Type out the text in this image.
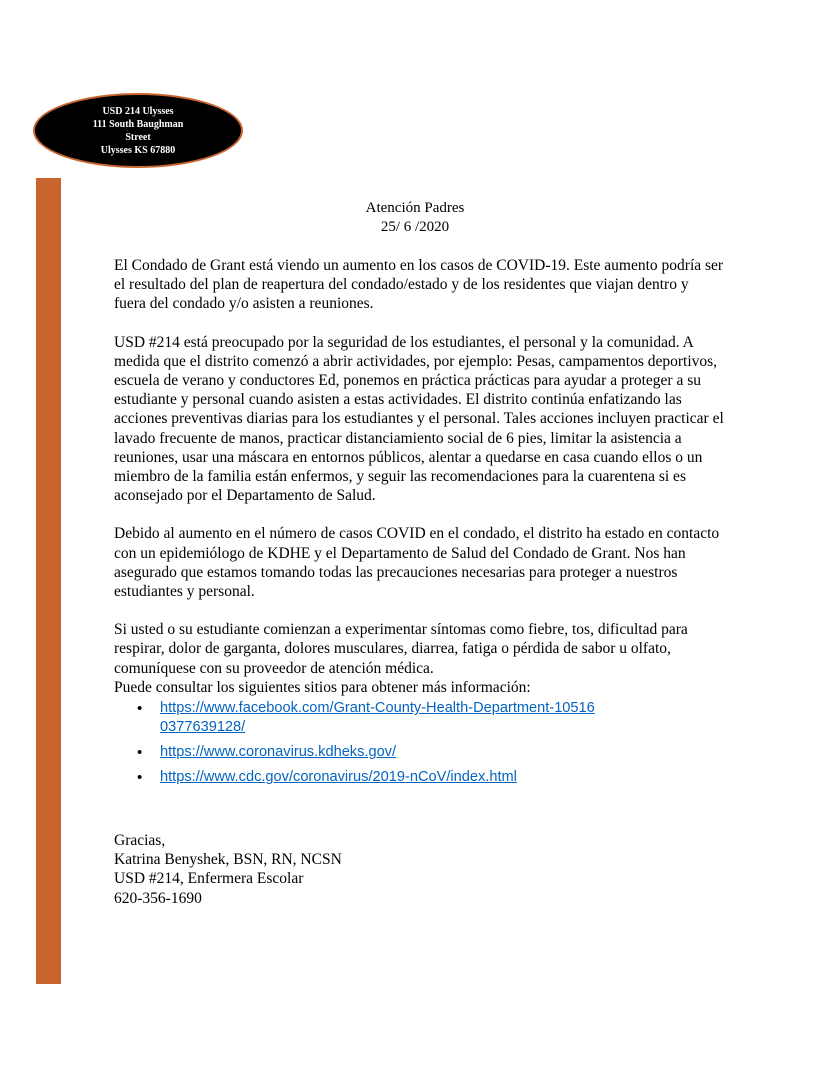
USD 214 Ulysses
111 South Baughman
Street
Ulysses KS 67880
Atención Padres
25/ 6 /2020

El Condado de Grant está viendo un aumento en los casos de COVID-19. Este aumento podría ser el resultado del plan de reapertura del condado/estado y de los residentes que viajan dentro y fuera del condado y/o asisten a reuniones.

USD #214 está preocupado por la seguridad de los estudiantes, el personal y la comunidad. A medida que el distrito comenzó a abrir actividades, por ejemplo: Pesas, campamentos deportivos, escuela de verano y conductores Ed, ponemos en práctica prácticas para ayudar a proteger a su estudiante y personal cuando asisten a estas actividades. El distrito continúa enfatizando las acciones preventivas diarias para los estudiantes y el personal. Tales acciones incluyen practicar el lavado frecuente de manos, practicar distanciamiento social de 6 pies, limitar la asistencia a reuniones, usar una máscara en entornos públicos, alentar a quedarse en casa cuando ellos o un miembro de la familia están enfermos, y seguir las recomendaciones para la cuarentena si es aconsejado por el Departamento de Salud.

Debido al aumento en el número de casos COVID en el condado, el distrito ha estado en contacto con un epidemiólogo de KDHE y el Departamento de Salud del Condado de Grant. Nos han asegurado que estamos tomando todas las precauciones necesarias para proteger a nuestros estudiantes y personal.

Si usted o su estudiante comienzan a experimentar síntomas como fiebre, tos, dificultad para respirar, dolor de garganta, dolores musculares, diarrea, fatiga o pérdida de sabor u olfato, comuníquese con su proveedor de atención médica.

Puede consultar los siguientes sitios para obtener más información:

• https://www.facebook.com/Grant-County-Health-Department-105160377639128/
• https://www.coronavirus.kdheks.gov/
• https://www.cdc.gov/coronavirus/2019-nCoV/index.html
Gracias,
Katrina Benyshek, BSN, RN, NCSN
USD #214, Enfermera Escolar
620-356-1690
